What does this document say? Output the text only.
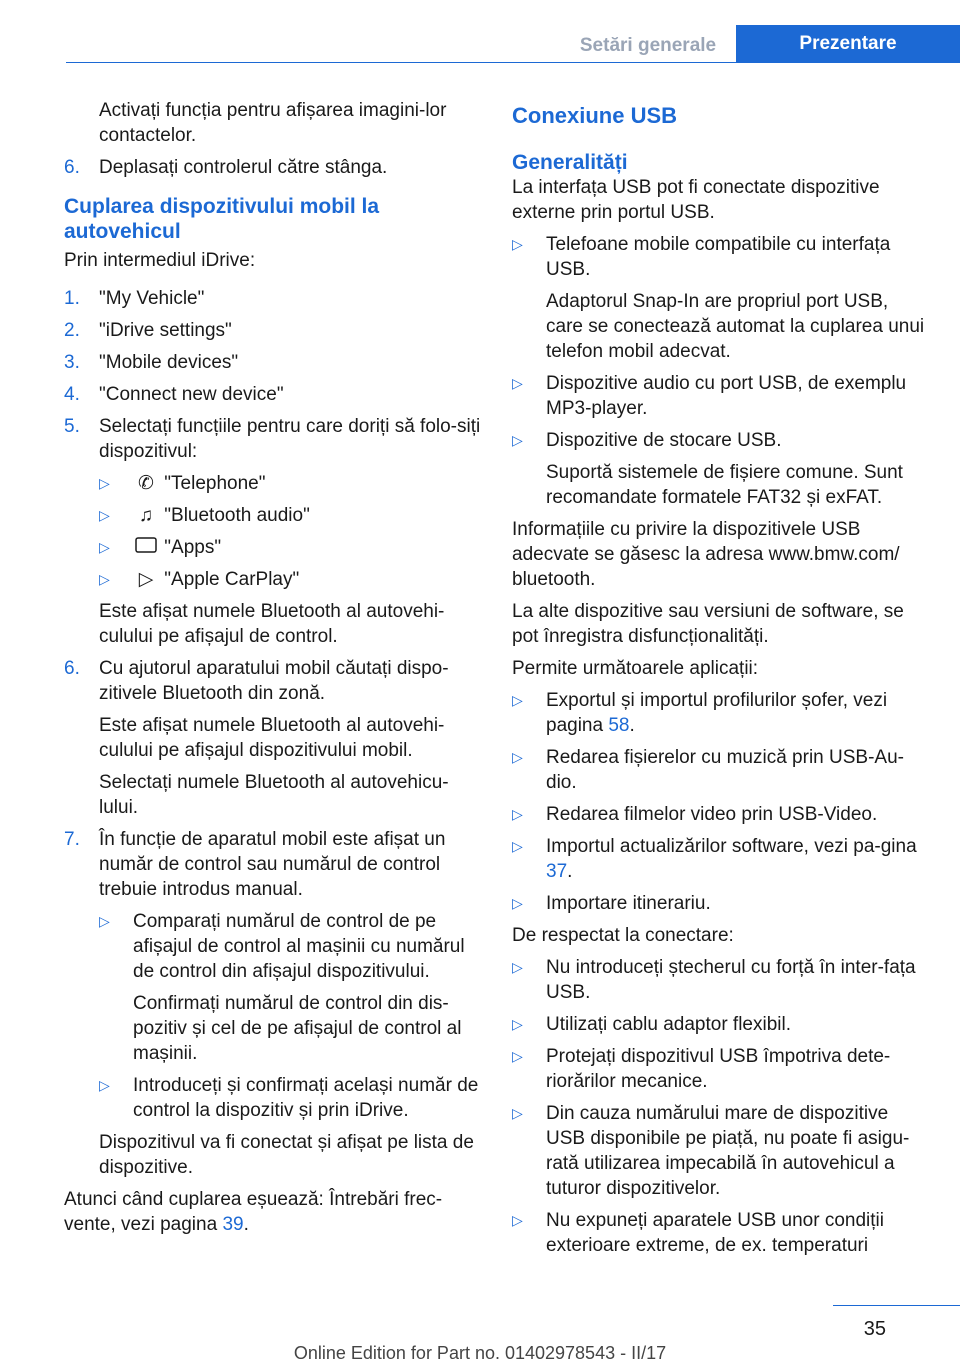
Setări generale	Prezentare
Activați funcția pentru afișarea imagini-lor contactelor.
6.	Deplasați controlerul către stânga.
Cuplarea dispozitivului mobil la autovehicul
Prin intermediul iDrive:
1.	"My Vehicle"
2.	"iDrive settings"
3.	"Mobile devices"
4.	"Connect new device"
5.	Selectați funcțiile pentru care doriți să folo-siți dispozitivul:
▷	✆ "Telephone"
▷	♫ "Bluetooth audio"
▷	"Apps"
▷	▷ "Apple CarPlay"
Este afișat numele Bluetooth al autovehi-culului pe afișajul de control.
6.	Cu ajutorul aparatului mobil căutați dispo-zitivele Bluetooth din zonă.
Este afișat numele Bluetooth al autovehi-culului pe afișajul dispozitivului mobil.
Selectați numele Bluetooth al autovehicu-lului.
7.	În funcție de aparatul mobil este afișat un număr de control sau numărul de control trebuie introdus manual.
▷	Comparați numărul de control de pe afișajul de control al mașinii cu numărul de control din afișajul dispozitivului.
Confirmați numărul de control din dis-pozitiv și cel de pe afișajul de control al mașinii.
▷	Introduceți și confirmați același număr de control la dispozitiv și prin iDrive.
Dispozitivul va fi conectat și afișat pe lista de dispozitive.
Atunci când cuplarea eșuează: Întrebări frec-vente, vezi pagina 39.
Conexiune USB
Generalități
La interfața USB pot fi conectate dispozitive externe prin portul USB.
▷	Telefoane mobile compatibile cu interfața USB.
Adaptorul Snap-In are propriul port USB, care se conectează automat la cuplarea unui telefon mobil adecvat.
▷	Dispozitive audio cu port USB, de exemplu MP3-player.
▷	Dispozitive de stocare USB.
Suportă sistemele de fișiere comune. Sunt recomandate formatele FAT32 și exFAT.
Informațiile cu privire la dispozitivele USB adecvate se găsesc la adresa www.bmw.com/ bluetooth.
La alte dispozitive sau versiuni de software, se pot înregistra disfuncționalități.
Permite următoarele aplicații:
▷	Exportul și importul profilurilor șofer, vezi pagina 58.
▷	Redarea fișierelor cu muzică prin USB-Au-dio.
▷	Redarea filmelor video prin USB-Video.
▷	Importul actualizărilor software, vezi pa-gina 37.
▷	Importare itinerariu.
De respectat la conectare:
▷	Nu introduceți ștecherul cu forță în inter-fața USB.
▷	Utilizați cablu adaptor flexibil.
▷	Protejați dispozitivul USB împotriva dete-riorărilor mecanice.
▷	Din cauza numărului mare de dispozitive USB disponibile pe piață, nu poate fi asigu-rată utilizarea impecabilă în autovehicul a tuturor dispozitivelor.
▷	Nu expuneți aparatele USB unor condiții exterioare extreme, de ex. temperaturi
35
Online Edition for Part no. 01402978543 - II/17
